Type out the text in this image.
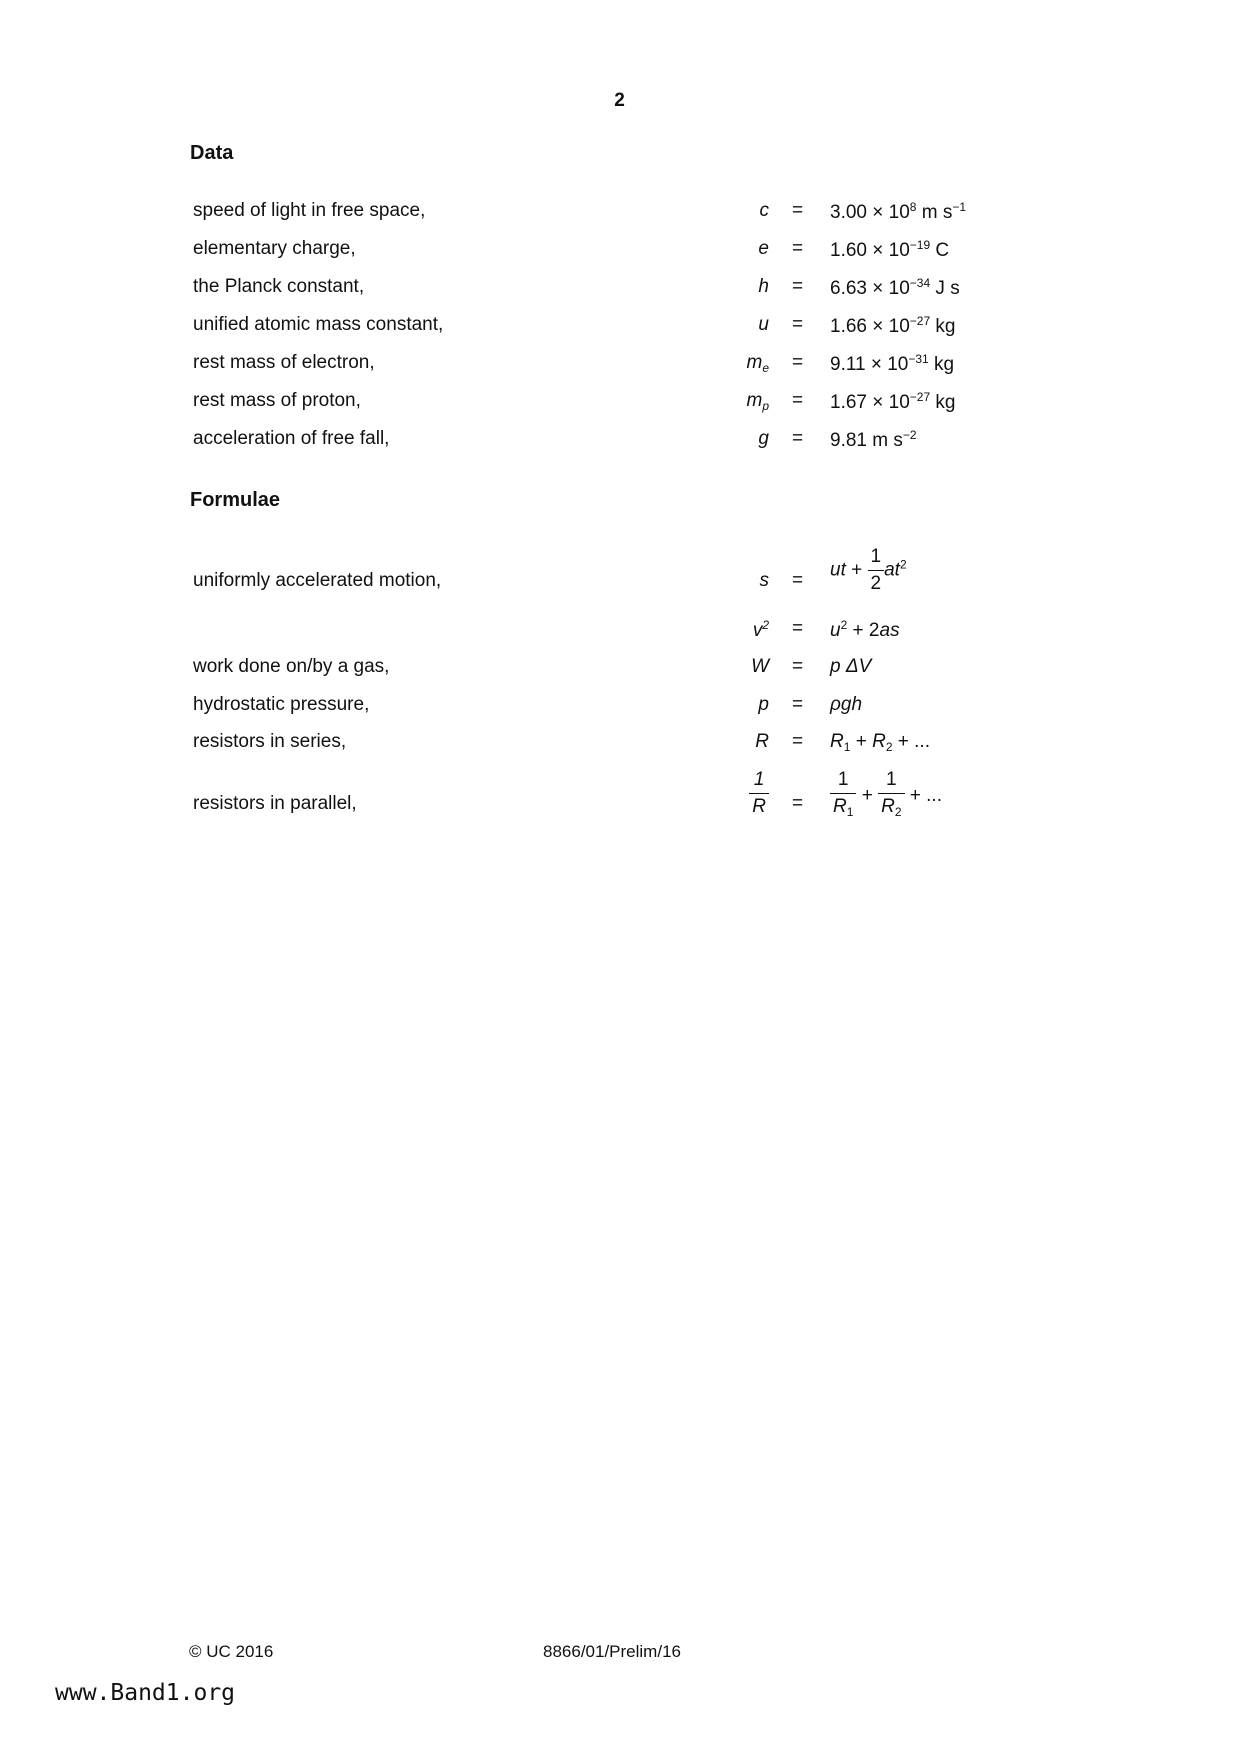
2
Data
speed of light in free space,	$c = 3.00 \times 10^8$ m $s^{-1}$
elementary charge,	$e = 1.60 \times 10^{-19}$ C
the Planck constant,	$h = 6.63 \times 10^{-34}$ J s
unified atomic mass constant,	$u = 1.66 \times 10^{-27}$ kg
rest mass of electron,	$m_e = 9.11 \times 10^{-31}$ kg
rest mass of proton,	$m_p = 1.67 \times 10^{-27}$ kg
acceleration of free fall,	g = 9.81 m $s^{-2}$
Formulae
uniformly accelerated motion,	s = ut + $\frac{1}{2} at^2$
$v^2 = u^2 + 2as$
work done on/by a gas,	W = p ΔV
hydrostatic pressure,	p = ρgh
resistors in series,	$R = R_1 + R_2$ + ...
resistors in parallel,	$\frac{1}{R} = \frac{1}{R_1} + \frac{1}{R_2}$ + ...
© UC 2016	8866/01/Prelim/16
www.Band1.org
